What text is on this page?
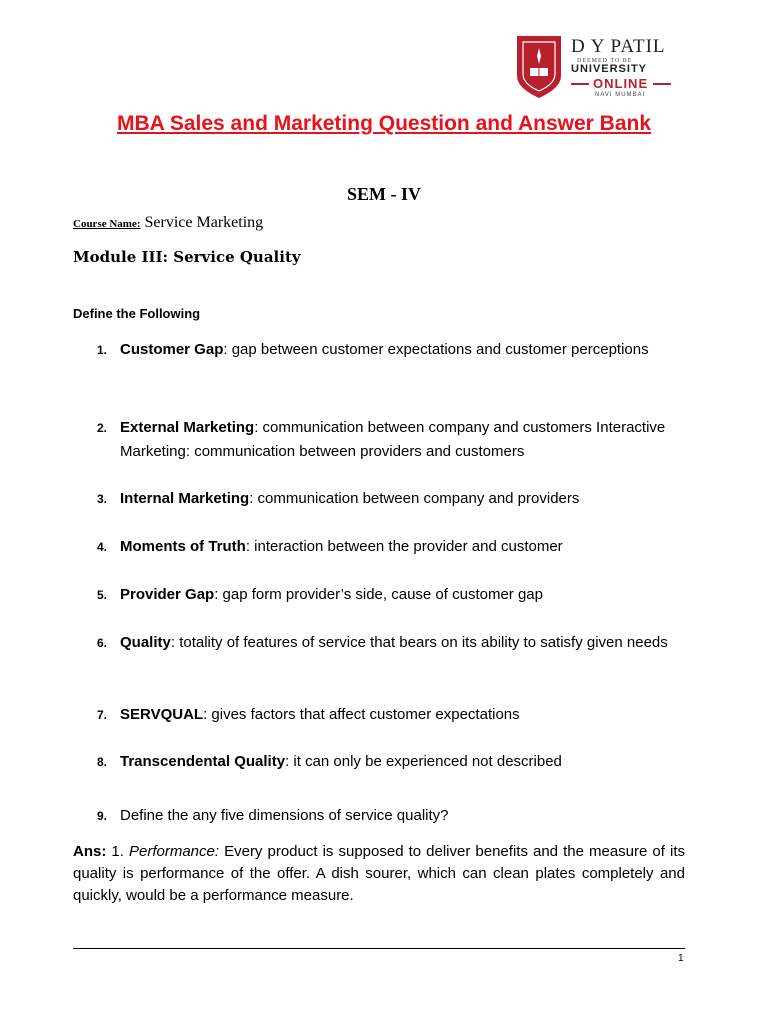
D Y PATIL
DEEMED TO BE
UNIVERSITY
ONLINE
NAVI MUMBAI
MBA Sales and Marketing Question and Answer Bank
SEM - IV
Course Name: Service Marketing
Module III: Service Quality
Define the Following
1. Customer Gap: gap between customer expectations and customer perceptions
2. External Marketing: communication between company and customers Interactive Marketing: communication between providers and customers
3. Internal Marketing: communication between company and providers
4. Moments of Truth: interaction between the provider and customer
5. Provider Gap: gap form provider’s side, cause of customer gap
6. Quality: totality of features of service that bears on its ability to satisfy given needs
7. SERVQUAL: gives factors that affect customer expectations
8. Transcendental Quality: it can only be experienced not described
9. Define the any five dimensions of service quality?
Ans: 1. Performance: Every product is supposed to deliver benefits and the measure of its quality is performance of the offer. A dish sourer, which can clean plates completely and quickly, would be a performance measure.
1
